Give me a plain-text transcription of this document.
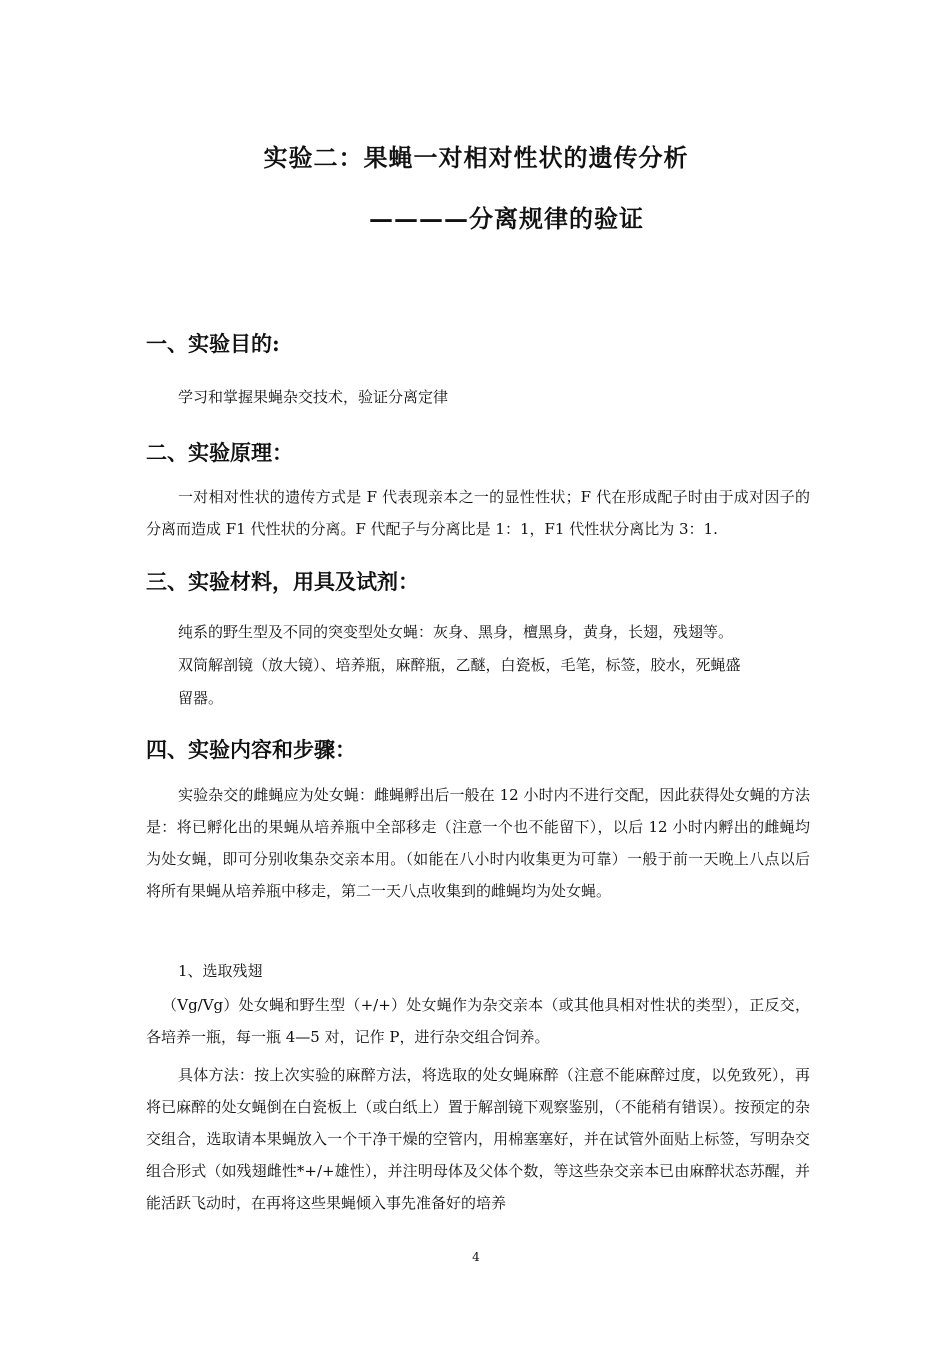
实验二：果蝇一对相对性状的遗传分析
————分离规律的验证
一、实验目的:
学习和掌握果蝇杂交技术，验证分离定律
二、实验原理：
一对相对性状的遗传方式是 F 代表现亲本之一的显性性状；F 代在形成配子时由于成对因子的分离而造成 F1 代性状的分离。F 代配子与分离比是 1：1，F1 代性状分离比为 3：1.
三、实验材料，用具及试剂：
纯系的野生型及不同的突变型处女蝇：灰身、黑身，檀黑身，黄身，长翅，残翅等。
双筒解剖镜（放大镜）、培养瓶，麻醉瓶，乙醚，白瓷板，毛笔，标签，胶水，死蝇盛
留器。
四、实验内容和步骤：
实验杂交的雌蝇应为处女蝇：雌蝇孵出后一般在 12 小时内不进行交配，因此获得处女蝇的方法是：将已孵化出的果蝇从培养瓶中全部移走（注意一个也不能留下），以后 12 小时内孵出的雌蝇均为处女蝇，即可分别收集杂交亲本用。（如能在八小时内收集更为可靠）一般于前一天晚上八点以后将所有果蝇从培养瓶中移走，第二一天八点收集到的雌蝇均为处女蝇。
1、选取残翅
（Vg/Vg）处女蝇和野生型（+/+）处女蝇作为杂交亲本（或其他具相对性状的类型），正反交，各培养一瓶，每一瓶 4—5 对，记作 P，进行杂交组合饲养。
具体方法：按上次实验的麻醉方法，将选取的处女蝇麻醉（注意不能麻醉过度，以免致死），再将已麻醉的处女蝇倒在白瓷板上（或白纸上）置于解剖镜下观察鉴别，（不能稍有错误）。按预定的杂交组合，选取请本果蝇放入一个干净干燥的空管内，用棉塞塞好，并在试管外面贴上标签，写明杂交组合形式（如残翅雌性*+/+雄性），并注明母体及父体个数，等这些杂交亲本已由麻醉状态苏醒，并能活跃飞动时，在再将这些果蝇倾入事先准备好的培养
4
